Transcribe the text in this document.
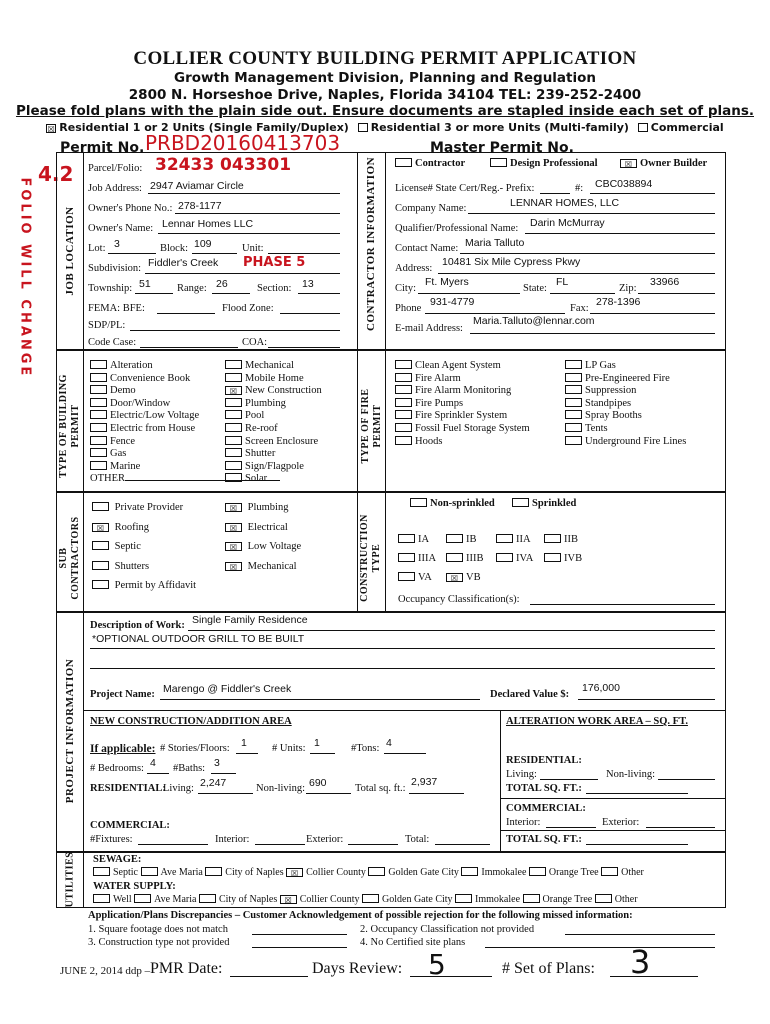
COLLIER COUNTY BUILDING PERMIT APPLICATION
Growth Management Division, Planning and Regulation
2800 N. Horseshoe Drive, Naples, Florida 34104 TEL: 239-252-2400
Please fold plans with the plain side out. Ensure documents are stapled inside each set of plans.
☒ Residential 1 or 2 Units (Single Family/Duplex) Residential 3 or more Units (Multi-family) Commercial
Permit No. PRBD20160413703	Master Permit No.
4.2
FOLIO WILL CHANGE	JOB LOCATION	CONTRACTOR INFORMATION
Parcel/Folio: 32433 043301
Job Address: 2947 Aviamar Circle
Owner's Phone No.: 278-1177
Owner's Name: Lennar Homes LLC
Lot: 3	Block: 109	Unit:
Subdivision: Fiddler's Creek PHASE 5
Township: 51	Range: 26	Section: 13
FEMA: BFE:	Flood Zone:
SDP/PL:
Code Case:	COA:
Contractor	Design Professional	☒ Owner Builder
License# State Cert/Reg.- Prefix:	#: CBC038894
Company Name:	LENNAR HOMES, LLC
Qualifier/Professional Name: Darin McMurray
Contact Name: Maria Talluto
Address:
10481 Six Mile Cypress Pkwy
City:
Ft. Myers
State:
FL
Zip:
33966
Phone
931-4779
Fax:
278-1396
E-mail Address:
Maria.Talluto@lennar.com
TYPE OF BUILDING PERMIT	TYPE OF FIRE PERMIT
Alteration
Convenience Book
Demo
Door/Window
Electric/Low Voltage
Electric from House
Fence
Gas
Marine
OTHER
Mechanical
Mobile Home
☒ New Construction
Plumbing
Pool
Re-roof
Screen Enclosure
Shutter
Sign/Flagpole
Solar
Clean Agent System
Fire Alarm
Fire Alarm Monitoring
Fire Pumps
Fire Sprinkler System
Fossil Fuel Storage System
Hoods
LP Gas
Pre-Engineered Fire
Suppression
Standpipes
Spray Booths
Tents
Underground Fire Lines
SUB CONTRACTORS	CONSTRUCTION TYPE
Private Provider
☒ Roofing
Septic
Shutters
Permit by Affidavit
☒ Plumbing
☒ Electrical
☒ Low Voltage
☒ Mechanical
Non-sprinkled	Sprinkled
IA	IB	IIA	IIB
IIIA	IIIB	IVA	IVB
VA ☒ VB
Occupancy Classification(s):
PROJECT INFORMATION
Description of Work: Single Family Residence
*OPTIONAL OUTDOOR GRILL TO BE BUILT
Project Name: Marengo @ Fiddler's Creek	Declared Value $:
176,000
NEW CONSTRUCTION/ADDITION AREA	ALTERATION WORK AREA – SQ. FT.
If applicable: # Stories/Floors: 1 # Units: 1	#Tons: 4
# Bedrooms: 4 #Baths: 3
RESIDENTIAL:
Living: 2,247	Non-living: 690	Total sq. ft.:
2,937
COMMERCIAL:
#Fixtures:	Interior:	Exterior:	Total:
RESIDENTIAL:
Living:	Non-living:
TOTAL SQ. FT.:
COMMERCIAL:
Interior:	Exterior:
TOTAL SQ. FT.:
UTILITIES SEWAGE:
Septic Ave Maria City of Naples ☒ Collier County Golden Gate City Immokalee Orange Tree Other
WATER SUPPLY:
Well Ave Maria City of Naples ☒ Collier County Golden Gate City Immokalee Orange Tree Other
Application/Plans Discrepancies – Customer Acknowledgement of possible rejection for the following missed information:
1. Square footage does not match	2. Occupancy Classification not provided
3. Construction type not provided	4. No Certified site plans
JUNE 2, 2014 ddp – PMR Date:	Days Review: 5	# Set of Plans: 3
